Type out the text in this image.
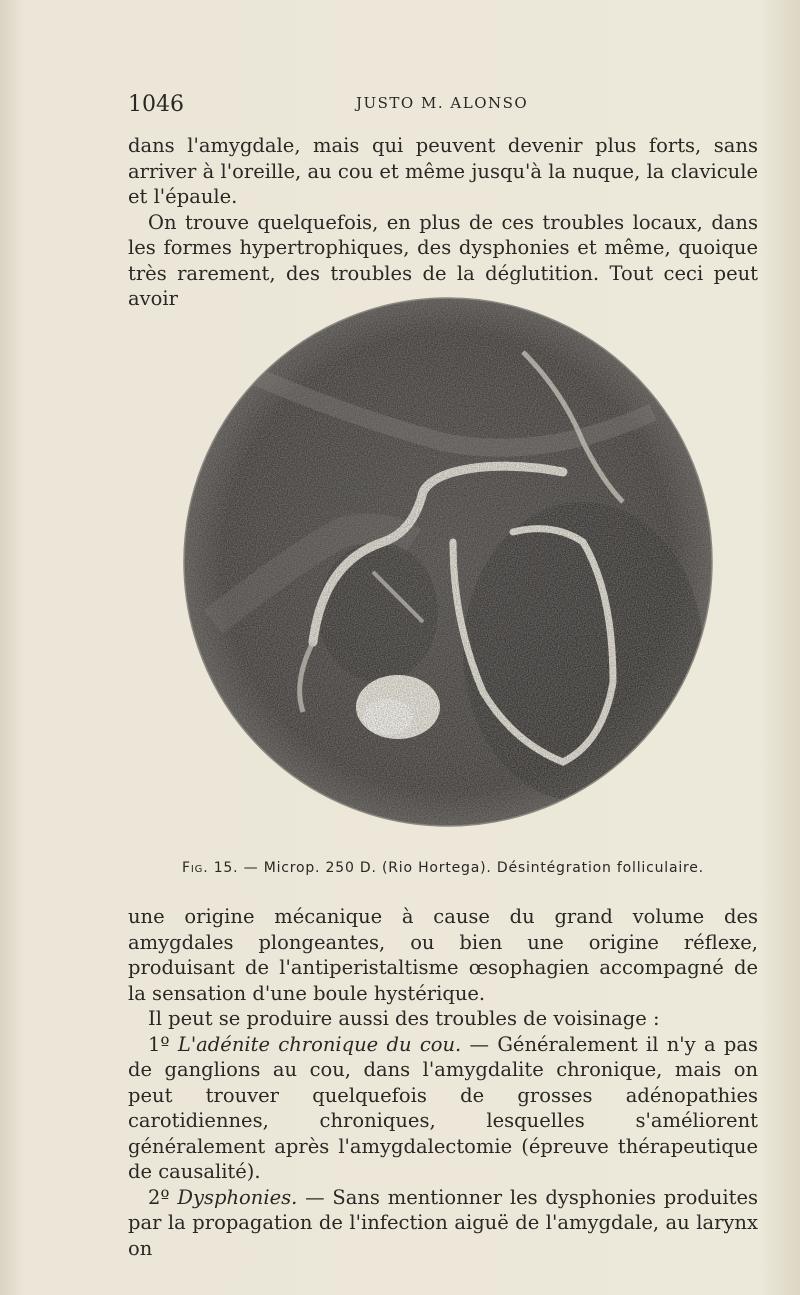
1046	JUSTO M. ALONSO

dans l'amygdale, mais qui peuvent devenir plus forts, sans arriver à l'oreille, au cou et même jusqu'à la nuque, la clavicule et l'épaule.

On trouve quelquefois, en plus de ces troubles locaux, dans les formes hypertrophiques, des dysphonies et même, quoique très rarement, des troubles de la déglutition. Tout ceci peut avoir

Fig. 15. — Microp. 250 D. (Rio Hortega). Désintégration folliculaire.

une origine mécanique à cause du grand volume des amygdales plongeantes, ou bien une origine réflexe, produisant de l'antiperistaltisme œsophagien accompagné de la sensation d'une boule hystérique.

Il peut se produire aussi des troubles de voisinage :

1º L'adénite chronique du cou. — Généralement il n'y a pas de ganglions au cou, dans l'amygdalite chronique, mais on peut trouver quelquefois de grosses adénopathies carotidiennes, chroniques, lesquelles s'améliorent généralement après l'amygdalectomie (épreuve thérapeutique de causalité).

2º Dysphonies. — Sans mentionner les dysphonies produites par la propagation de l'infection aiguë de l'amygdale, au larynx on
